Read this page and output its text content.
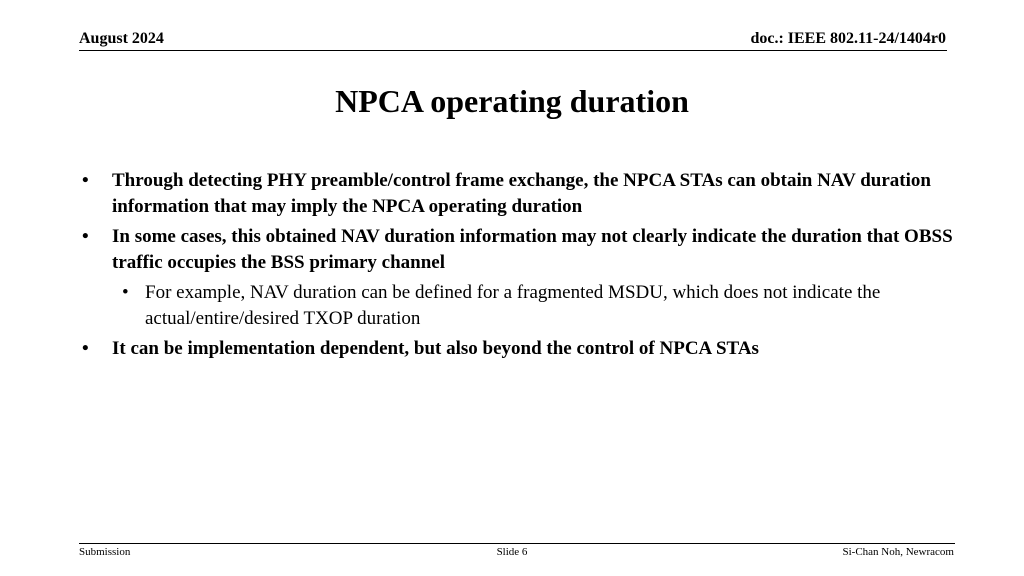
August 2024	doc.: IEEE 802.11-24/1404r0
NPCA operating duration
• Through detecting PHY preamble/control frame exchange, the NPCA STAs can obtain NAV duration information that may imply the NPCA operating duration
• In some cases, this obtained NAV duration information may not clearly indicate the duration that OBSS traffic occupies the BSS primary channel
• For example, NAV duration can be defined for a fragmented MSDU, which does not indicate the actual/entire/desired TXOP duration
• It can be implementation dependent, but also beyond the control of NPCA STAs
Submission	Slide 6	Si-Chan Noh, Newracom
